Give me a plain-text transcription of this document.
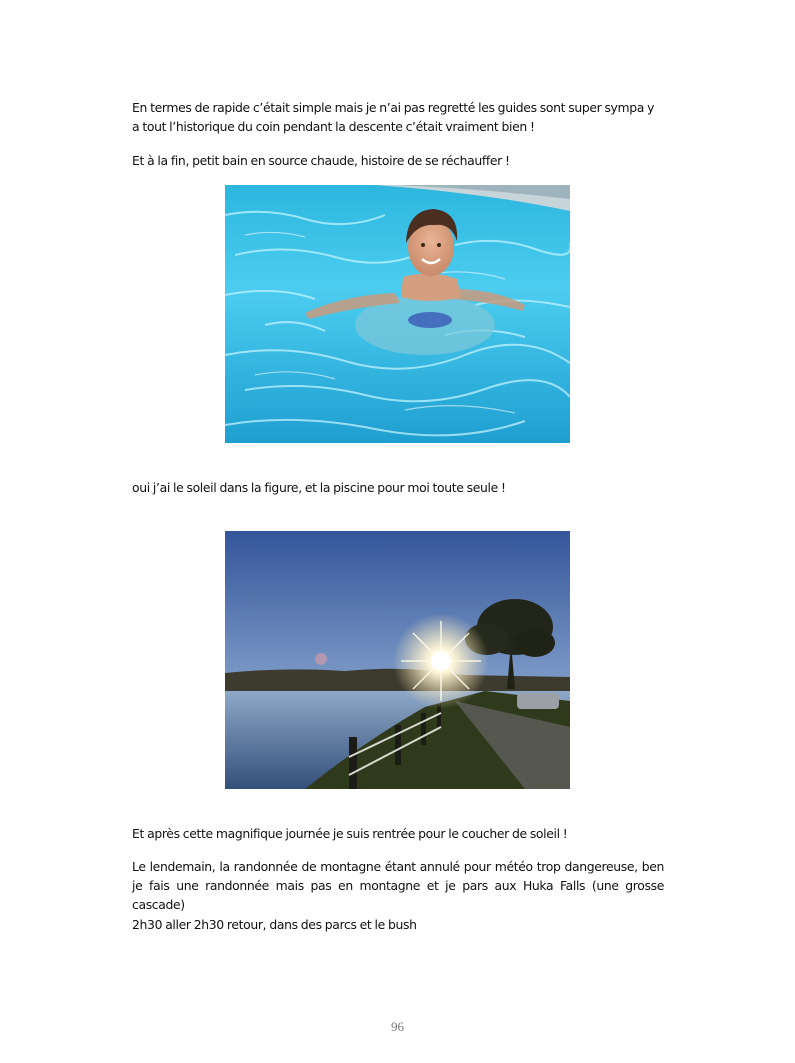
En termes de rapide c’était simple mais je n’ai pas regretté les guides sont super sympa y a tout l’historique du coin pendant la descente c’était vraiment bien !

Et à la fin, petit bain en source chaude, histoire de se réchauffer !

oui j’ai le soleil dans la figure, et la piscine pour moi toute seule !

Et après cette magnifique journée je suis rentrée pour le coucher de soleil !

Le lendemain, la randonnée de montagne étant annulé pour météo trop dangereuse, ben je fais une randonnée mais pas en montagne et je pars aux Huka Falls (une grosse cascade)

2h30 aller 2h30 retour, dans des parcs et le bush

96
